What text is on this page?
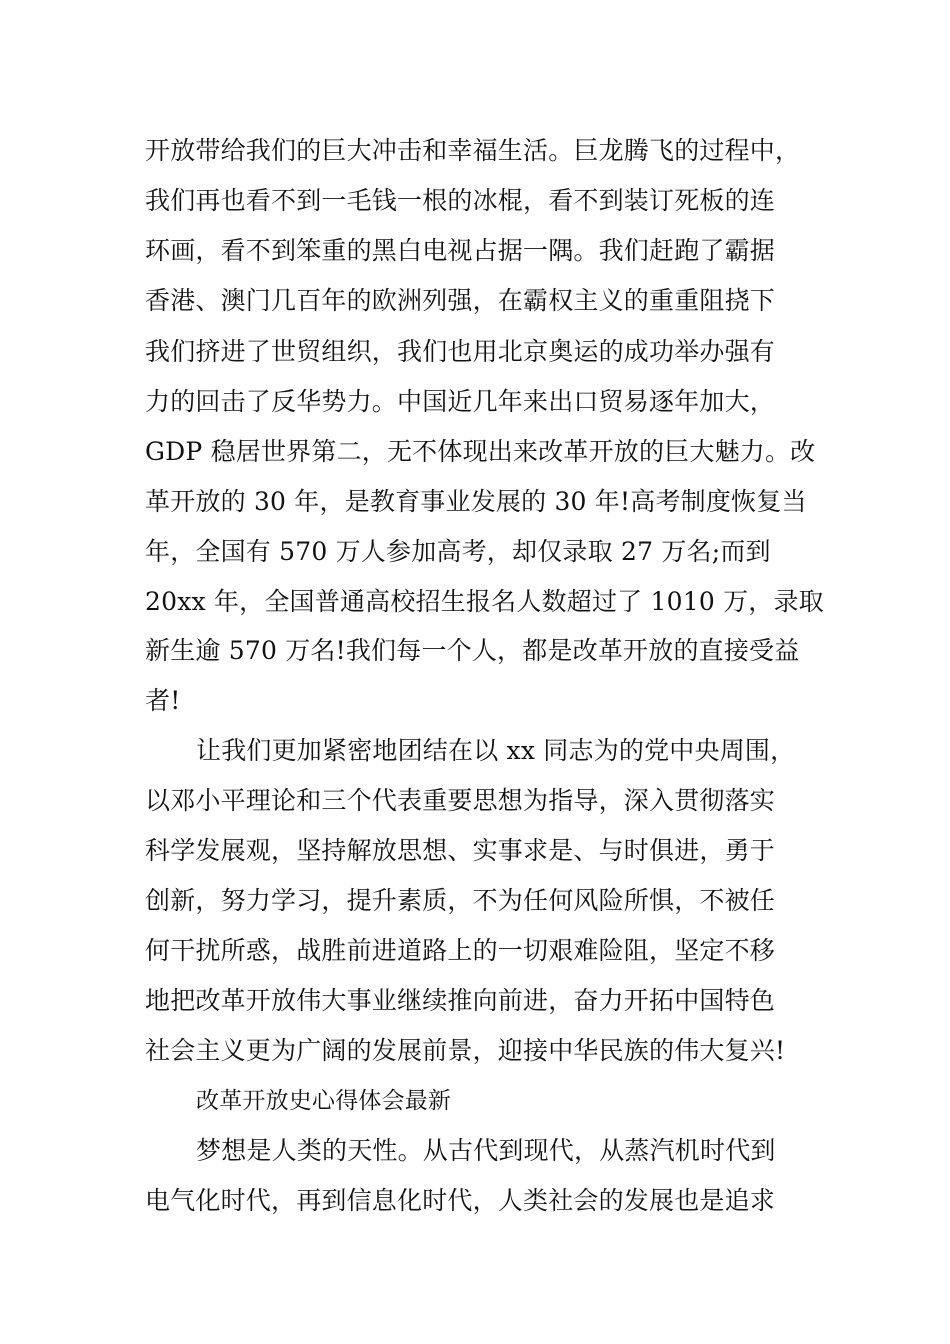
开放带给我们的巨大冲击和幸福生活。巨龙腾飞的过程中，
我们再也看不到一毛钱一根的冰棍，看不到装订死板的连
环画，看不到笨重的黑白电视占据一隅。我们赶跑了霸据
香港、澳门几百年的欧洲列强，在霸权主义的重重阻挠下
我们挤进了世贸组织，我们也用北京奥运的成功举办强有
力的回击了反华势力。中国近几年来出口贸易逐年加大，
GDP 稳居世界第二，无不体现出来改革开放的巨大魅力。改
革开放的 30 年，是教育事业发展的 30 年!高考制度恢复当
年，全国有 570 万人参加高考，却仅录取 27 万名;而到
20xx 年，全国普通高校招生报名人数超过了 1010 万，录取
新生逾 570 万名!我们每一个人，都是改革开放的直接受益
者!
让我们更加紧密地团结在以 xx 同志为的党中央周围，
以邓小平理论和三个代表重要思想为指导，深入贯彻落实
科学发展观，坚持解放思想、实事求是、与时俱进，勇于
创新，努力学习，提升素质，不为任何风险所惧，不被任
何干扰所惑，战胜前进道路上的一切艰难险阻，坚定不移
地把改革开放伟大事业继续推向前进，奋力开拓中国特色
社会主义更为广阔的发展前景，迎接中华民族的伟大复兴!
改革开放史心得体会最新
梦想是人类的天性。从古代到现代，从蒸汽机时代到
电气化时代，再到信息化时代，人类社会的发展也是追求
